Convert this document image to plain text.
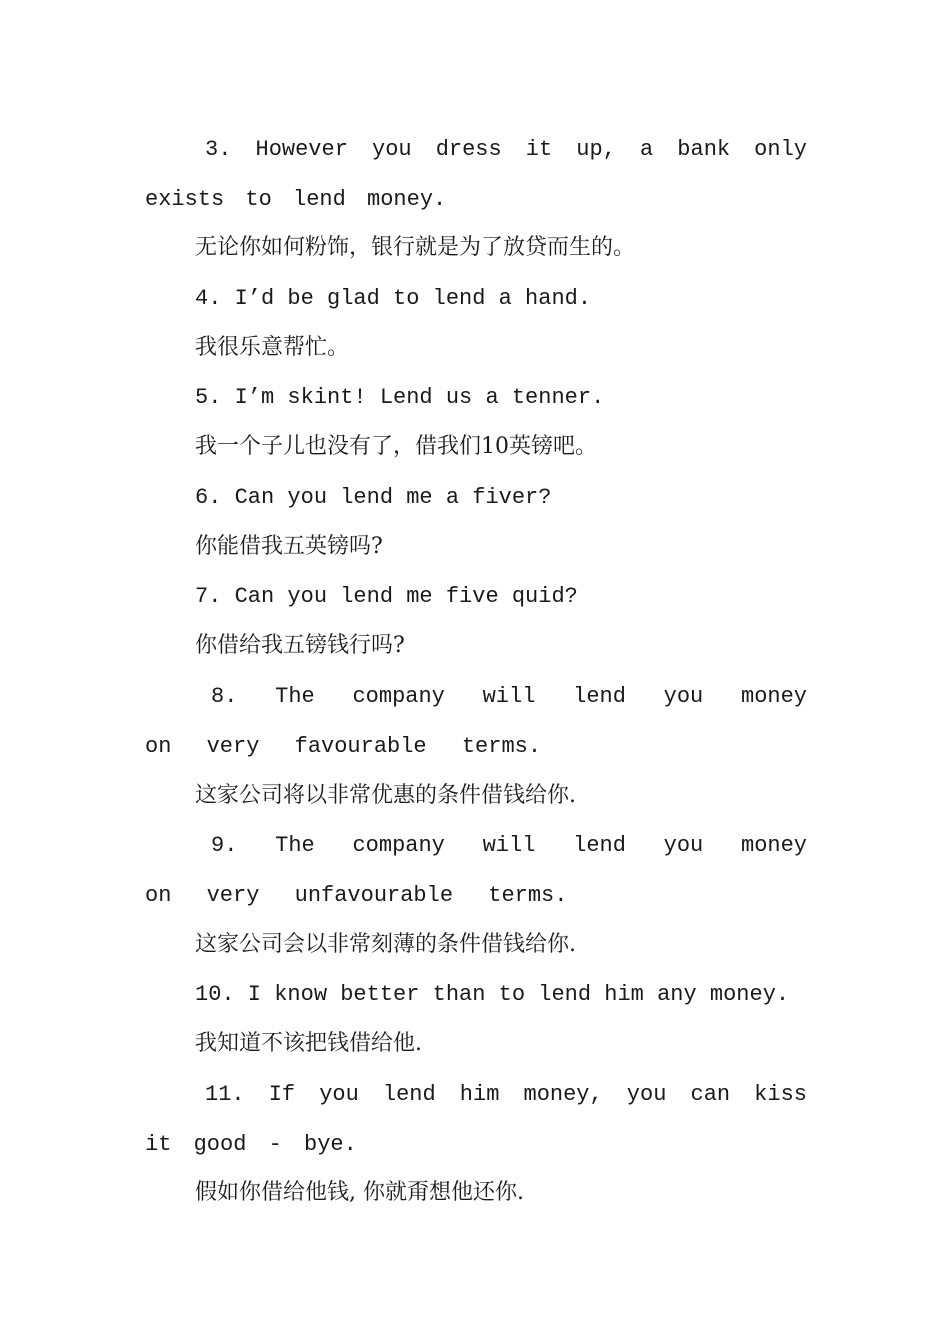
3. However you dress it up, a bank only exists to lend money.
无论你如何粉饰，银行就是为了放贷而生的。
4. I’d be glad to lend a hand.
我很乐意帮忙。
5. I’m skint! Lend us a tenner.
我一个子儿也没有了，借我们10英镑吧。
6. Can you lend me a fiver?
你能借我五英镑吗?
7. Can you lend me five quid?
你借给我五镑钱行吗?
8. The company will lend you money on very favourable terms.
这家公司将以非常优惠的条件借钱给你.
9. The company will lend you money on very unfavourable terms.
这家公司会以非常刻薄的条件借钱给你.
10. I know better than to lend him any money.
我知道不该把钱借给他.
11. If you lend him money, you can kiss it good - bye.
假如你借给他钱, 你就甭想他还你.
